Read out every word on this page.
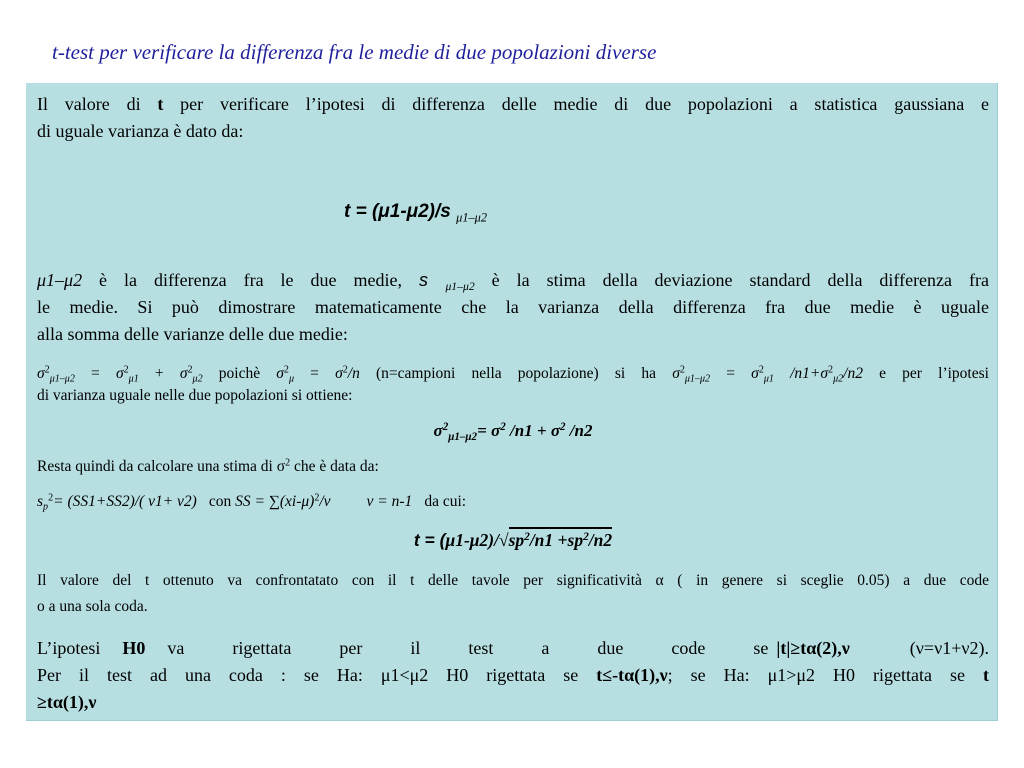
t-test per verificare la differenza fra le medie di due popolazioni diverse

Il valore di t per verificare l’ipotesi di differenza delle medie di due popolazioni a statistica gaussiana e

di uguale varianza è dato da:

t = (μ1-μ2)/s $_{\mu 1-\mu 2}$

μ1–μ2 è la differenza fra le due medie, s $_{\mu 1-\mu 2}$ è la stima della deviazione standard della differenza fra

le medie. Si può dimostrare matematicamente che la varianza della differenza fra due medie è uguale

alla somma delle varianze delle due medie:

$\sigma^2_{\mu 1-\mu 2} = \sigma^2_{\mu 1} + \sigma^2_{\mu 2}$ poichè $\sigma^2_\mu = \sigma^2/n$ (n=campioni nella popolazione) si ha $\sigma^2_{\mu 1-\mu 2} = \sigma^2_{\mu 1}$ $/n1+\sigma^2_{\mu 2}/n2$ e per l’ipotesi

di varianza uguale nelle due popolazioni si ottiene:

$\sigma^2_{\mu 1-\mu 2}= \sigma^2$ $/n1 + \sigma^2$ /n2

Resta quindi da calcolare una stima di $\sigma^2$ che è data da:

$s_p^2= (SS1+SS2)/$( ν1+ ν2) con SS = $\sum(xi-\mu)^2/\nu$ ν = n-1 da cui:

$t = (\mu 1-\mu 2)/√sp^2/n1 +sp^2/n2$

Il valore del t ottenuto va confrontatato con il t delle tavole per significatività α ( in genere si sceglie 0.05) a due code

o a una sola coda.

L’ipotesi H0 va rigettata per il test a due code se |t|≥tα(2),ν	(ν=ν1+ν2).

Per il test ad una coda : se Ha: μ1<μ2 H0 rigettata se t≤-tα(1),ν; se Ha: μ1>μ2 H0 rigettata se t

≥tα(1),ν
